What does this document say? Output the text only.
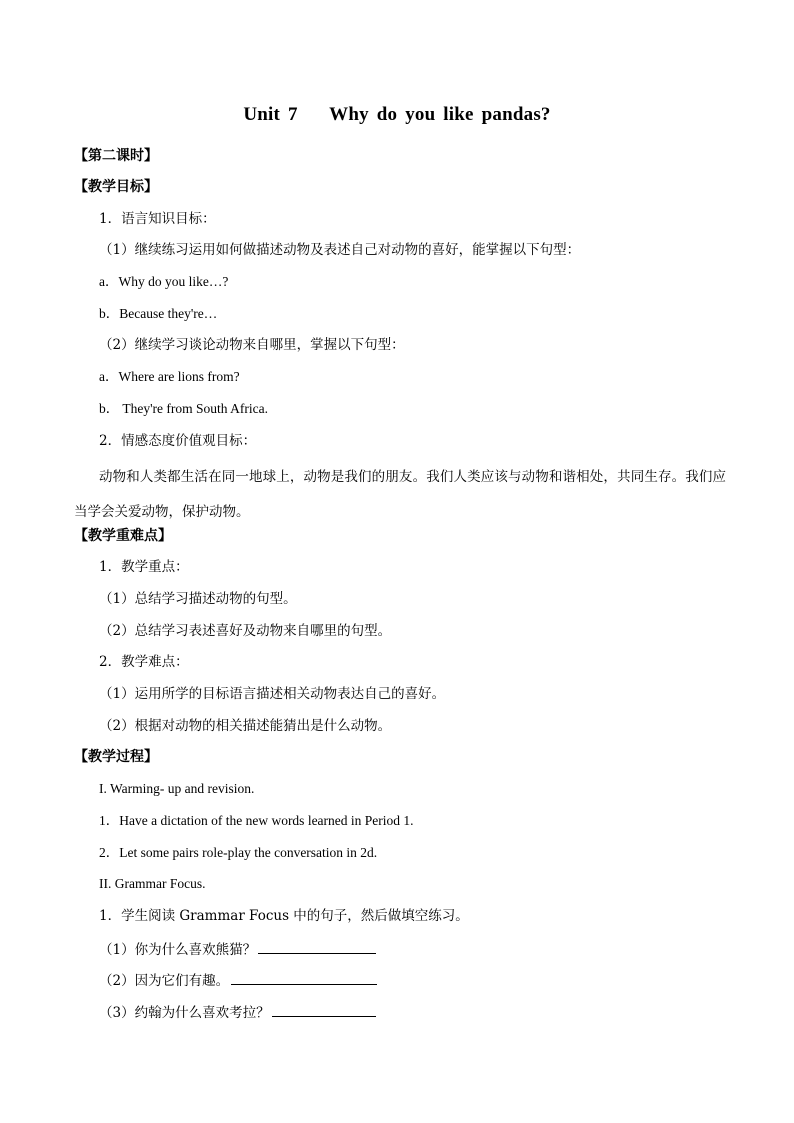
Unit 7    Why do you like pandas?
【第二课时】
【教学目标】
1．语言知识目标：
（1）继续练习运用如何做描述动物及表述自己对动物的喜好，能掌握以下句型：
a．Why do you like…?
b．Because they're…
（2）继续学习谈论动物来自哪里，掌握以下句型：
a．Where are lions from?
b． They're from South Africa.
2．情感态度价值观目标：
动物和人类都生活在同一地球上，动物是我们的朋友。我们人类应该与动物和谐相处，共同生存。我们应当学会关爱动物，保护动物。
【教学重难点】
1．教学重点：
（1）总结学习描述动物的句型。
（2）总结学习表述喜好及动物来自哪里的句型。
2．教学难点：
（1）运用所学的目标语言描述相关动物表达自己的喜好。
（2）根据对动物的相关描述能猜出是什么动物。
【教学过程】
I. Warming- up and revision.
1．Have a dictation of the new words learned in Period 1.
2．Let some pairs role-play the conversation in 2d.
II. Grammar Focus.
1．学生阅读 Grammar Focus 中的句子，然后做填空练习。
（1）你为什么喜欢熊猫？
（2）因为它们有趣。
（3）约翰为什么喜欢考拉？
